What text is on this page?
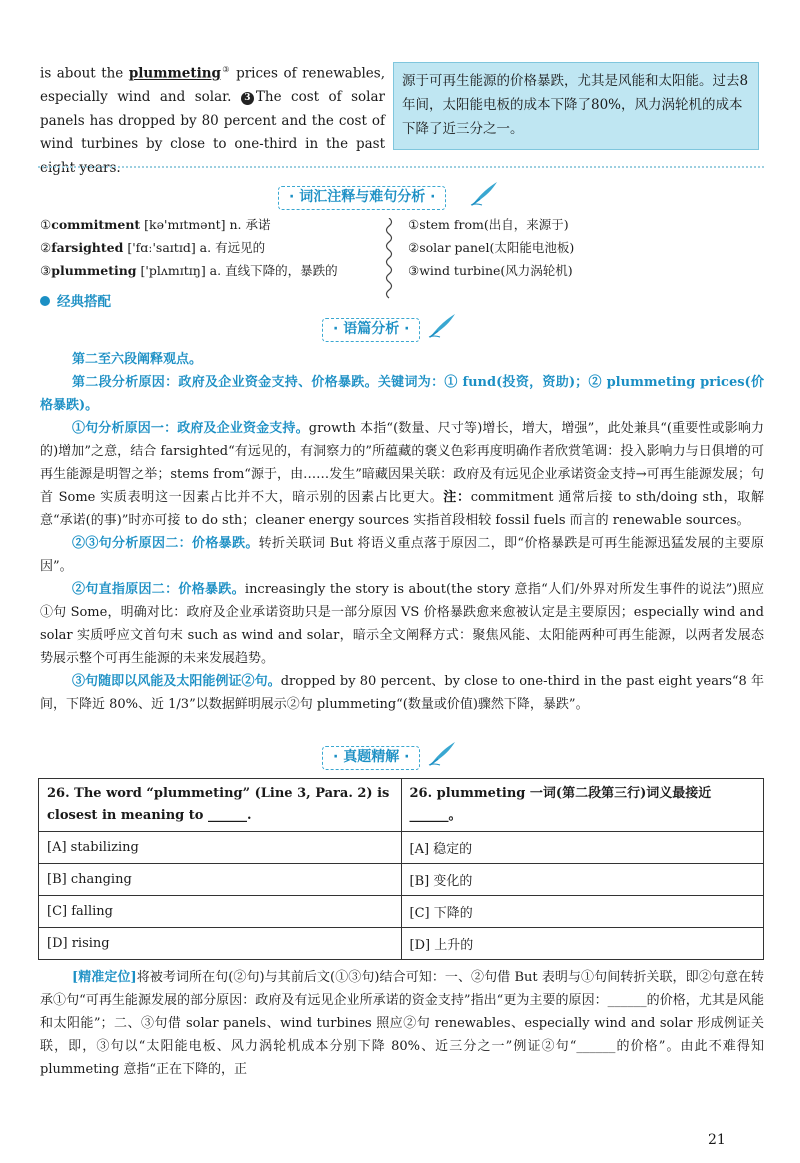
is about the plummeting③ prices of renewables, especially wind and solar. 3 The cost of solar panels has dropped by 80 percent and the cost of wind turbines by close to one-third in the past eight years.
源于可再生能源的价格暴跌，尤其是风能和太阳能。过去8年间，太阳能电板的成本下降了80%，风力涡轮机的成本下降了近三分之一。
· 词汇注释与难句分析 ·
①commitment [kə'mɪtmənt] n. 承诺
②farsighted ['fɑː'saɪtɪd] a. 有远见的
③plummeting ['plʌmɪtɪŋ] a. 直线下降的，暴跌的
①stem from(出自，来源于)
②solar panel(太阳能电池板)
③wind turbine(风力涡轮机)
经典搭配
· 语篇分析 ·
第二至六段阐释观点。
第二段分析原因：政府及企业资金支持、价格暴跌。关键词为：① fund(投资，资助)；② plummeting prices(价格暴跌)。
①句分析原因一：政府及企业资金支持。growth 本指“(数量、尺寸等)增长，增大，增强”，此处兼具“(重要性或影响力的)增加”之意，结合 farsighted“有远见的，有洞察力的”所蕴藏的褒义色彩再度明确作者欣赏笔调：投入影响力与日俱增的可再生能源是明智之举；stems from“源于，由……发生”暗藏因果关联：政府及有远见企业承诺资金支持→可再生能源发展；句首 Some 实质表明这一因素占比并不大，暗示别的因素占比更大。注：commitment 通常后接 to sth/doing sth，取解意“承诺(的事)”时亦可接 to do sth；cleaner energy sources 实指首段相较 fossil fuels 而言的 renewable sources。
②③句分析原因二：价格暴跌。转折关联词 But 将语义重点落于原因二，即“价格暴跌是可再生能源迅猛发展的主要原因”。
②句直指原因二：价格暴跌。increasingly the story is about(the story 意指“人们/外界对所发生事件的说法”)照应①句 Some，明确对比：政府及企业承诺资助只是一部分原因 VS 价格暴跌愈来愈被认定是主要原因；especially wind and solar 实质呼应文首句末 such as wind and solar，暗示全文阐释方式：聚焦风能、太阳能两种可再生能源，以两者发展态势展示整个可再生能源的未来发展趋势。
③句随即以风能及太阳能例证②句。dropped by 80 percent、by close to one-third in the past eight years“8 年间，下降近 80%、近 1/3”以数据鲜明展示②句 plummeting“(数量或价值)骤然下降，暴跌”。
· 真题精解 ·
26. The word “plummeting” (Line 3, Para. 2) is closest in meaning to ______.	26. plummeting 一词(第二段第三行)词义最接近 ______。
[A] stabilizing	[A] 稳定的
[B] changing	[B] 变化的
[C] falling	[C] 下降的
[D] rising	[D] 上升的
[精准定位]将被考词所在句(②句)与其前后文(①③句)结合可知：一、②句借 But 表明与①句间转折关联，即②句意在转承①句“可再生能源发展的部分原因：政府及有远见企业所承诺的资金支持”指出“更为主要的原因：______的价格，尤其是风能和太阳能”；二、③句借 solar panels、wind turbines 照应②句 renewables、especially wind and solar 形成例证关联，即，③句以“太阳能电板、风力涡轮机成本分别下降 80%、近三分之一”例证②句“______的价格”。由此不难得知 plummeting 意指“正在下降的，正
21
